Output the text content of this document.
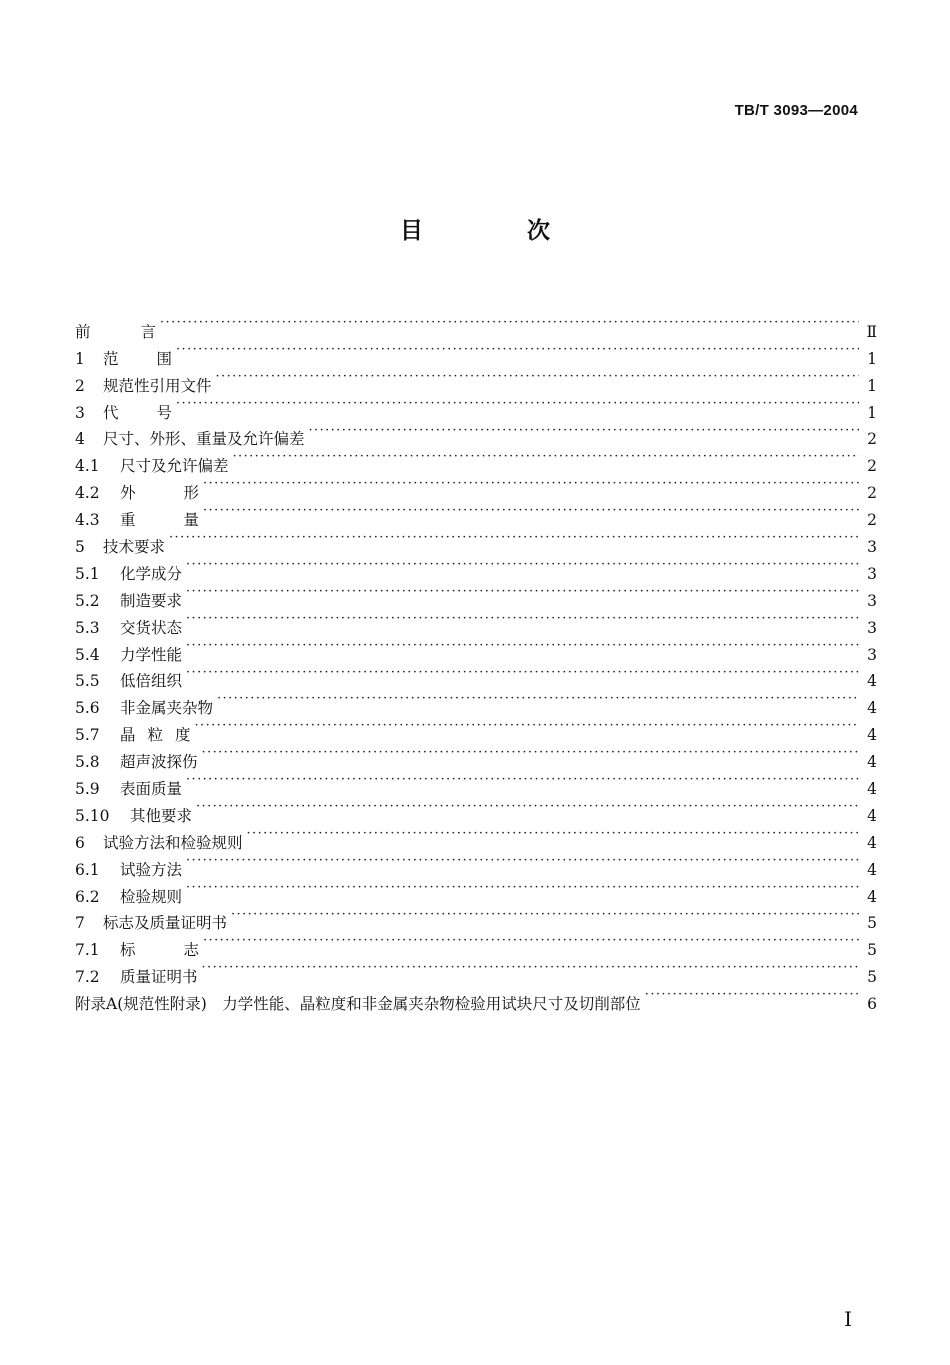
TB/T 3093—2004
目 次
前言 ·····	Ⅱ
1	范围 ·····	1
2	规范性引用文件 ·····	1
3	代号 ·····	1
4	尺寸、外形、重量及允许偏差 ·····	2
4.1	尺寸及允许偏差 ·····	2
4.2	外形 ·····	2
4.3	重量 ·····	2
5	技术要求 ·····	3
5.1	化学成分 ·····	3
5.2	制造要求 ·····	3
5.3	交货状态 ·····	3
5.4	力学性能 ·····	3
5.5	低倍组织 ·····	4
5.6	非金属夹杂物 ·····	4
5.7	晶粒度 ·····	4
5.8	超声波探伤 ·····	4
5.9	表面质量 ·····	4
5.10	其他要求 ·····	4
6	试验方法和检验规则 ·····	4
6.1	试验方法 ·····	4
6.2	检验规则 ·····	4
7	标志及质量证明书 ·····	5
7.1	标志 ·····	5
7.2	质量证明书 ·····	5
附录A(规范性附录)　力学性能、晶粒度和非金属夹杂物检验用试块尺寸及切削部位 ·····	6
I
